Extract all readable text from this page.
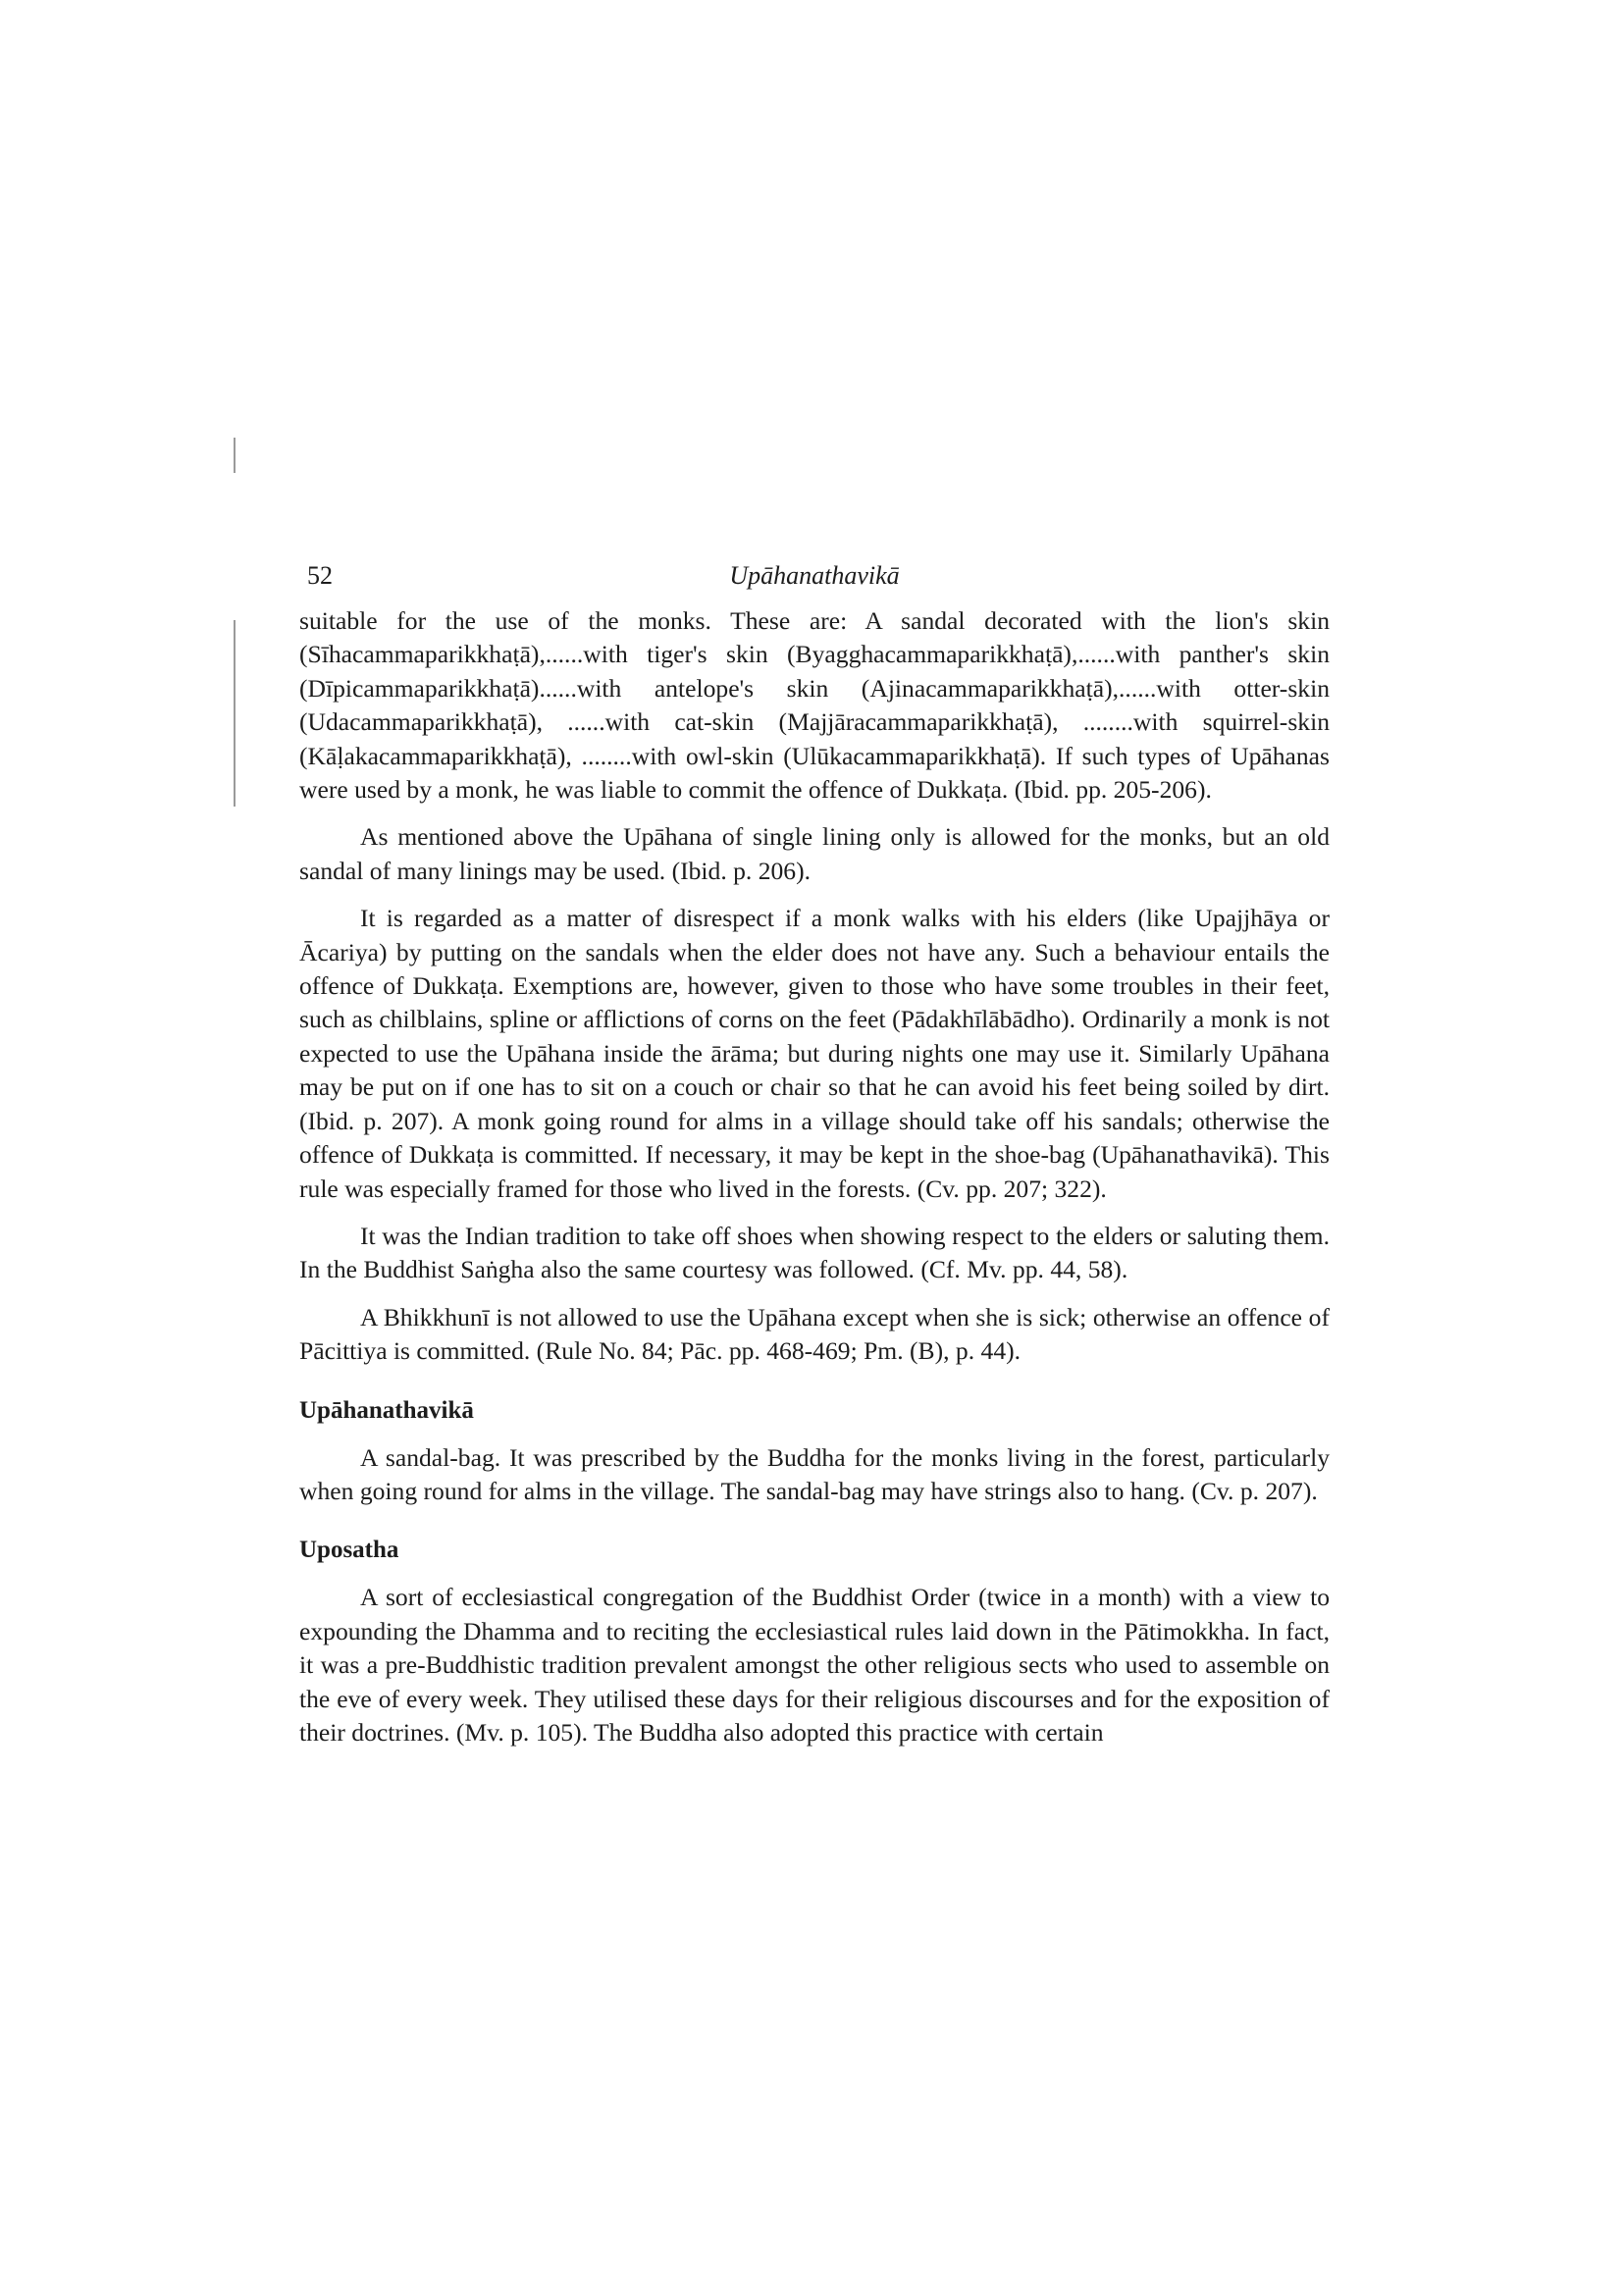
52	Upāhanathavikā

suitable for the use of the monks. These are: A sandal decorated with the lion's skin (Sīhacammaparikkhaṭā),......with tiger's skin (Byagghacammaparikkhaṭā),......with panther's skin (Dīpicammaparikkhaṭā)......with antelope's skin (Ajinacammaparikkhaṭā),......with otter-skin (Udacammaparikkhaṭā), ......with cat-skin (Majjāracammaparikkhaṭā), ........with squirrel-skin (Kāḷakacammaparikkhaṭā), ........with owl-skin (Ulūkacammaparikkhaṭā). If such types of Upāhanas were used by a monk, he was liable to commit the offence of Dukkaṭa. (Ibid. pp. 205-206).

As mentioned above the Upāhana of single lining only is allowed for the monks, but an old sandal of many linings may be used. (Ibid. p. 206).

It is regarded as a matter of disrespect if a monk walks with his elders (like Upajjhāya or Ācariya) by putting on the sandals when the elder does not have any. Such a behaviour entails the offence of Dukkaṭa. Exemptions are, however, given to those who have some troubles in their feet, such as chilblains, spline or afflictions of corns on the feet (Pādakhīlābādho). Ordinarily a monk is not expected to use the Upāhana inside the ārāma; but during nights one may use it. Similarly Upāhana may be put on if one has to sit on a couch or chair so that he can avoid his feet being soiled by dirt. (Ibid. p. 207). A monk going round for alms in a village should take off his sandals; otherwise the offence of Dukkaṭa is committed. If necessary, it may be kept in the shoe-bag (Upāhanathavikā). This rule was especially framed for those who lived in the forests. (Cv. pp. 207; 322).

It was the Indian tradition to take off shoes when showing respect to the elders or saluting them. In the Buddhist Saṅgha also the same courtesy was followed. (Cf. Mv. pp. 44, 58).

A Bhikkhunī is not allowed to use the Upāhana except when she is sick; otherwise an offence of Pācittiya is committed. (Rule No. 84; Pāc. pp. 468-469; Pm. (B), p. 44).

Upāhanathavikā

A sandal-bag. It was prescribed by the Buddha for the monks living in the forest, particularly when going round for alms in the village. The sandal-bag may have strings also to hang. (Cv. p. 207).

Uposatha

A sort of ecclesiastical congregation of the Buddhist Order (twice in a month) with a view to expounding the Dhamma and to reciting the ecclesiastical rules laid down in the Pātimokkha. In fact, it was a pre-Buddhistic tradition prevalent amongst the other religious sects who used to assemble on the eve of every week. They utilised these days for their religious discourses and for the exposition of their doctrines. (Mv. p. 105). The Buddha also adopted this practice with certain
